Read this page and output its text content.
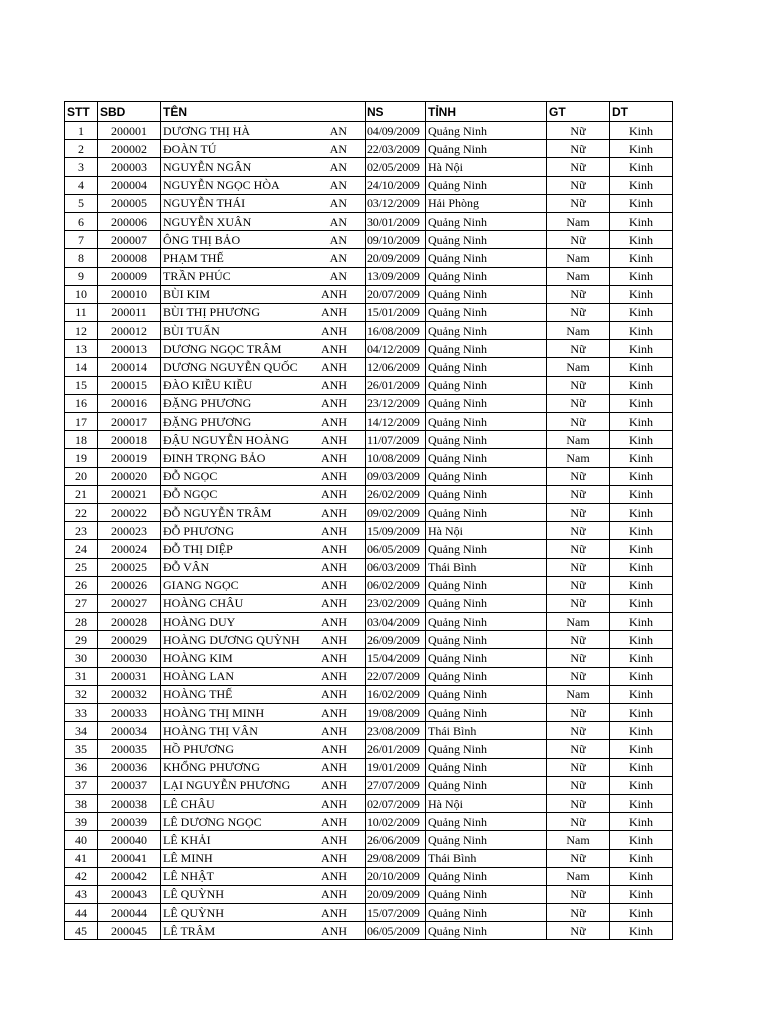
STT	SBD	TÊN	NS	TỈNH	GT	DT
1	200001	DƯƠNG THỊ HÀ AN	04/09/2009	Quảng Ninh	Nữ	Kinh
2	200002	ĐOÀN TÚ AN	22/03/2009	Quảng Ninh	Nữ	Kinh
3	200003	NGUYỄN NGÂN AN	02/05/2009	Hà Nội	Nữ	Kinh
4	200004	NGUYỄN NGỌC HÒA AN	24/10/2009	Quảng Ninh	Nữ	Kinh
5	200005	NGUYỄN THÁI AN	03/12/2009	Hải Phòng	Nữ	Kinh
6	200006	NGUYỄN XUÂN AN	30/01/2009	Quảng Ninh	Nam	Kinh
7	200007	ÔNG THỊ BẢO AN	09/10/2009	Quảng Ninh	Nữ	Kinh
8	200008	PHẠM THẾ AN	20/09/2009	Quảng Ninh	Nam	Kinh
9	200009	TRẦN PHÚC AN	13/09/2009	Quảng Ninh	Nam	Kinh
10	200010	BÙI KIM ANH	20/07/2009	Quảng Ninh	Nữ	Kinh
11	200011	BÙI THỊ PHƯƠNG ANH	15/01/2009	Quảng Ninh	Nữ	Kinh
12	200012	BÙI TUẤN ANH	16/08/2009	Quảng Ninh	Nam	Kinh
13	200013	DƯƠNG NGỌC TRÂM ANH	04/12/2009	Quảng Ninh	Nữ	Kinh
14	200014	DƯƠNG NGUYỄN QUỐC ANH	12/06/2009	Quảng Ninh	Nam	Kinh
15	200015	ĐÀO KIỀU KIỀU ANH	26/01/2009	Quảng Ninh	Nữ	Kinh
16	200016	ĐẶNG PHƯƠNG ANH	23/12/2009	Quảng Ninh	Nữ	Kinh
17	200017	ĐẶNG PHƯƠNG ANH	14/12/2009	Quảng Ninh	Nữ	Kinh
18	200018	ĐẬU NGUYỄN HOÀNG ANH	11/07/2009	Quảng Ninh	Nam	Kinh
19	200019	ĐINH TRỌNG BẢO ANH	10/08/2009	Quảng Ninh	Nam	Kinh
20	200020	ĐỖ NGỌC ANH	09/03/2009	Quảng Ninh	Nữ	Kinh
21	200021	ĐỖ NGỌC ANH	26/02/2009	Quảng Ninh	Nữ	Kinh
22	200022	ĐỖ NGUYỄN TRÂM ANH	09/02/2009	Quảng Ninh	Nữ	Kinh
23	200023	ĐỖ PHƯƠNG ANH	15/09/2009	Hà Nội	Nữ	Kinh
24	200024	ĐỖ THỊ DIỆP ANH	06/05/2009	Quảng Ninh	Nữ	Kinh
25	200025	ĐỖ VÂN ANH	06/03/2009	Thái Bình	Nữ	Kinh
26	200026	GIANG NGỌC ANH	06/02/2009	Quảng Ninh	Nữ	Kinh
27	200027	HOÀNG CHÂU ANH	23/02/2009	Quảng Ninh	Nữ	Kinh
28	200028	HOÀNG DUY ANH	03/04/2009	Quảng Ninh	Nam	Kinh
29	200029	HOÀNG DƯƠNG QUỲNH ANH	26/09/2009	Quảng Ninh	Nữ	Kinh
30	200030	HOÀNG KIM ANH	15/04/2009	Quảng Ninh	Nữ	Kinh
31	200031	HOÀNG LAN ANH	22/07/2009	Quảng Ninh	Nữ	Kinh
32	200032	HOÀNG THẾ ANH	16/02/2009	Quảng Ninh	Nam	Kinh
33	200033	HOÀNG THỊ MINH ANH	19/08/2009	Quảng Ninh	Nữ	Kinh
34	200034	HOÀNG THỊ VÂN ANH	23/08/2009	Thái Bình	Nữ	Kinh
35	200035	HỒ PHƯƠNG ANH	26/01/2009	Quảng Ninh	Nữ	Kinh
36	200036	KHỔNG PHƯƠNG ANH	19/01/2009	Quảng Ninh	Nữ	Kinh
37	200037	LẠI NGUYỄN PHƯƠNG ANH	27/07/2009	Quảng Ninh	Nữ	Kinh
38	200038	LÊ CHÂU ANH	02/07/2009	Hà Nội	Nữ	Kinh
39	200039	LÊ DƯƠNG NGỌC ANH	10/02/2009	Quảng Ninh	Nữ	Kinh
40	200040	LÊ KHẢI ANH	26/06/2009	Quảng Ninh	Nam	Kinh
41	200041	LÊ MINH ANH	29/08/2009	Thái Bình	Nữ	Kinh
42	200042	LÊ NHẬT ANH	20/10/2009	Quảng Ninh	Nam	Kinh
43	200043	LÊ QUỲNH ANH	20/09/2009	Quảng Ninh	Nữ	Kinh
44	200044	LÊ QUỲNH ANH	15/07/2009	Quảng Ninh	Nữ	Kinh
45	200045	LÊ TRÂM ANH	06/05/2009	Quảng Ninh	Nữ	Kinh
